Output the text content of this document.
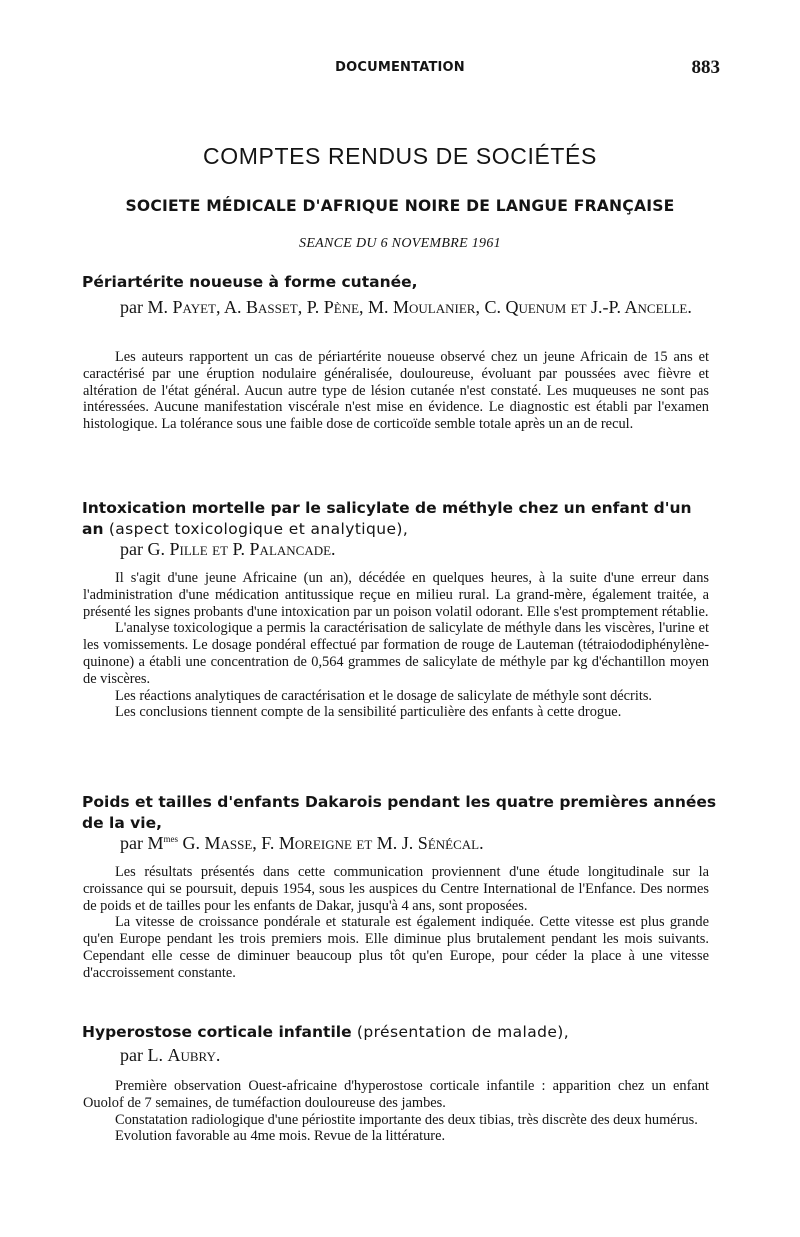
DOCUMENTATION	883
COMPTES RENDUS DE SOCIÉTÉS
SOCIETE MÉDICALE D'AFRIQUE NOIRE DE LANGUE FRANÇAISE
SEANCE DU 6 NOVEMBRE 1961
Périartérite noueuse à forme cutanée,
par M. Payet, A. Basset, P. Pène, M. Moulanier, C. Quenum et J.-P. Ancelle.

Les auteurs rapportent un cas de périartérite noueuse observé chez un jeune Africain de 15 ans et caractérisé par une éruption nodulaire généralisée, douloureuse, évoluant par poussées avec fièvre et altération de l'état général. Aucun autre type de lésion cutanée n'est constaté. Les muqueuses ne sont pas intéressées. Aucune manifestation viscérale n'est mise en évidence. Le diagnostic est établi par l'examen histologique. La tolérance sous une faible dose de corticoïde semble totale après un an de recul.

Intoxication mortelle par le salicylate de méthyle chez un enfant d'un an (aspect toxicologique et analytique),
par G. Pille et P. Palancade.

Il s'agit d'une jeune Africaine (un an), décédée en quelques heures, à la suite d'une erreur dans l'administration d'une médication antitussique reçue en milieu rural. La grand-mère, également traitée, a présenté les signes probants d'une intoxication par un poison volatil odorant. Elle s'est promptement rétablie.

L'analyse toxicologique a permis la caractérisation de salicylate de méthyle dans les viscères, l'urine et les vomissements. Le dosage pondéral effectué par formation de rouge de Lauteman (tétraiododiphénylène-quinone) a établi une concentration de 0,564 grammes de salicylate de méthyle par kg d'échantillon moyen de viscères.

Les réactions analytiques de caractérisation et le dosage de salicylate de méthyle sont décrits.

Les conclusions tiennent compte de la sensibilité particulière des enfants à cette drogue.

Poids et tailles d'enfants Dakarois pendant les quatre premières années de la vie,
par $M^{mes}$ G. Masse, F. Moreigne et M. J. Sénécal.

Les résultats présentés dans cette communication proviennent d'une étude longitudinale sur la croissance qui se poursuit, depuis 1954, sous les auspices du Centre International de l'Enfance. Des normes de poids et de tailles pour les enfants de Dakar, jusqu'à 4 ans, sont proposées.

La vitesse de croissance pondérale et staturale est également indiquée. Cette vitesse est plus grande qu'en Europe pendant les trois premiers mois. Elle diminue plus brutalement pendant les mois suivants. Cependant elle cesse de diminuer beaucoup plus tôt qu'en Europe, pour céder la place à une vitesse d'accroissement constante.

Hyperostose corticale infantile (présentation de malade),
par L. Aubry.

Première observation Ouest-africaine d'hyperostose corticale infantile : apparition chez un enfant Ouolof de 7 semaines, de tuméfaction douloureuse des jambes.

Constatation radiologique d'une périostite importante des deux tibias, très discrète des deux humérus.

Evolution favorable au 4me mois. Revue de la littérature.
